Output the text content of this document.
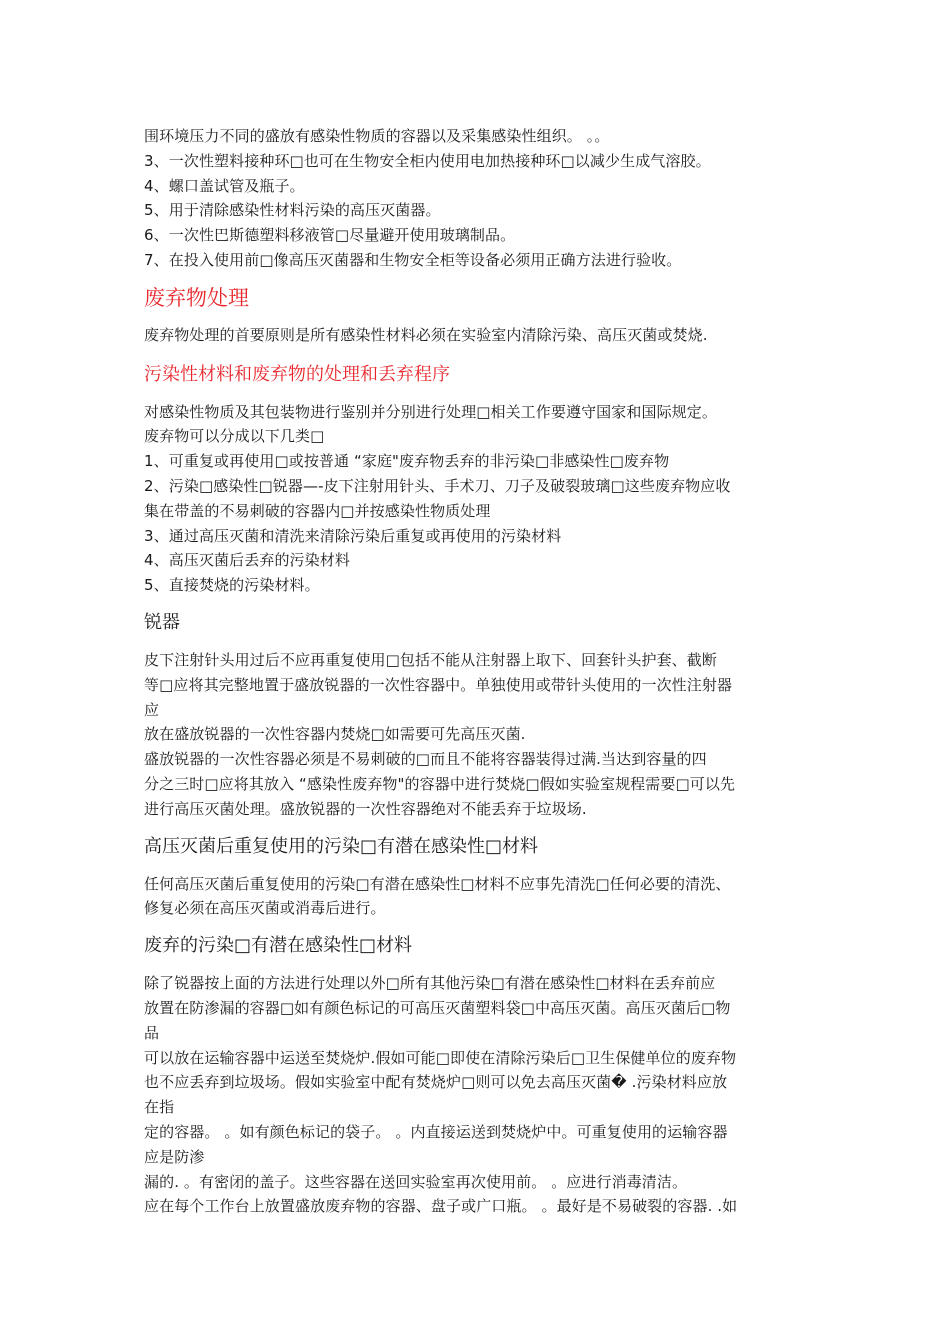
围环境压力不同的盛放有感染性物质的容器以及采集感染性组织。 。。
3、一次性塑料接种环□也可在生物安全柜内使用电加热接种环□以减少生成气溶胶。
4、螺口盖试管及瓶子。
5、用于清除感染性材料污染的高压灭菌器。
6、一次性巴斯德塑料移液管□尽量避开使用玻璃制品。
7、在投入使用前□像高压灭菌器和生物安全柜等设备必须用正确方法进行验收。
废弃物处理
废弃物处理的首要原则是所有感染性材料必须在实验室内清除污染、高压灭菌或焚烧.
污染性材料和废弃物的处理和丢弃程序
对感染性物质及其包装物进行鉴别并分别进行处理□相关工作要遵守国家和国际规定。
废弃物可以分成以下几类□
1、可重复或再使用□或按普通 “家庭"废弃物丢弃的非污染□非感染性□废弃物
2、污染□感染性□锐器—-皮下注射用针头、手术刀、刀子及破裂玻璃□这些废弃物应收
集在带盖的不易刺破的容器内□并按感染性物质处理
3、通过高压灭菌和清洗来清除污染后重复或再使用的污染材料
4、高压灭菌后丢弃的污染材料
5、直接焚烧的污染材料。
锐器
皮下注射针头用过后不应再重复使用□包括不能从注射器上取下、回套针头护套、截断
等□应将其完整地置于盛放锐器的一次性容器中。单独使用或带针头使用的一次性注射器
应
放在盛放锐器的一次性容器内焚烧□如需要可先高压灭菌.
盛放锐器的一次性容器必须是不易刺破的□而且不能将容器装得过满.当达到容量的四
分之三时□应将其放入 “感染性废弃物"的容器中进行焚烧□假如实验室规程需要□可以先
进行高压灭菌处理。盛放锐器的一次性容器绝对不能丢弃于垃圾场.
高压灭菌后重复使用的污染□有潜在感染性□材料
任何高压灭菌后重复使用的污染□有潜在感染性□材料不应事先清洗□任何必要的清洗、
修复必须在高压灭菌或消毒后进行。
废弃的污染□有潜在感染性□材料
除了锐器按上面的方法进行处理以外□所有其他污染□有潜在感染性□材料在丢弃前应
放置在防渗漏的容器□如有颜色标记的可高压灭菌塑料袋□中高压灭菌。高压灭菌后□物
品
可以放在运输容器中运送至焚烧炉.假如可能□即使在清除污染后□卫生保健单位的废弃物
也不应丢弃到垃圾场。假如实验室中配有焚烧炉□则可以免去高压灭菌� .污染材料应放
在指
定的容器。 。如有颜色标记的袋子。 。内直接运送到焚烧炉中。可重复使用的运输容器
应是防渗
漏的. 。有密闭的盖子。这些容器在送回实验室再次使用前。 。应进行消毒清洁。
应在每个工作台上放置盛放废弃物的容器、盘子或广口瓶。 。最好是不易破裂的容器. .如
